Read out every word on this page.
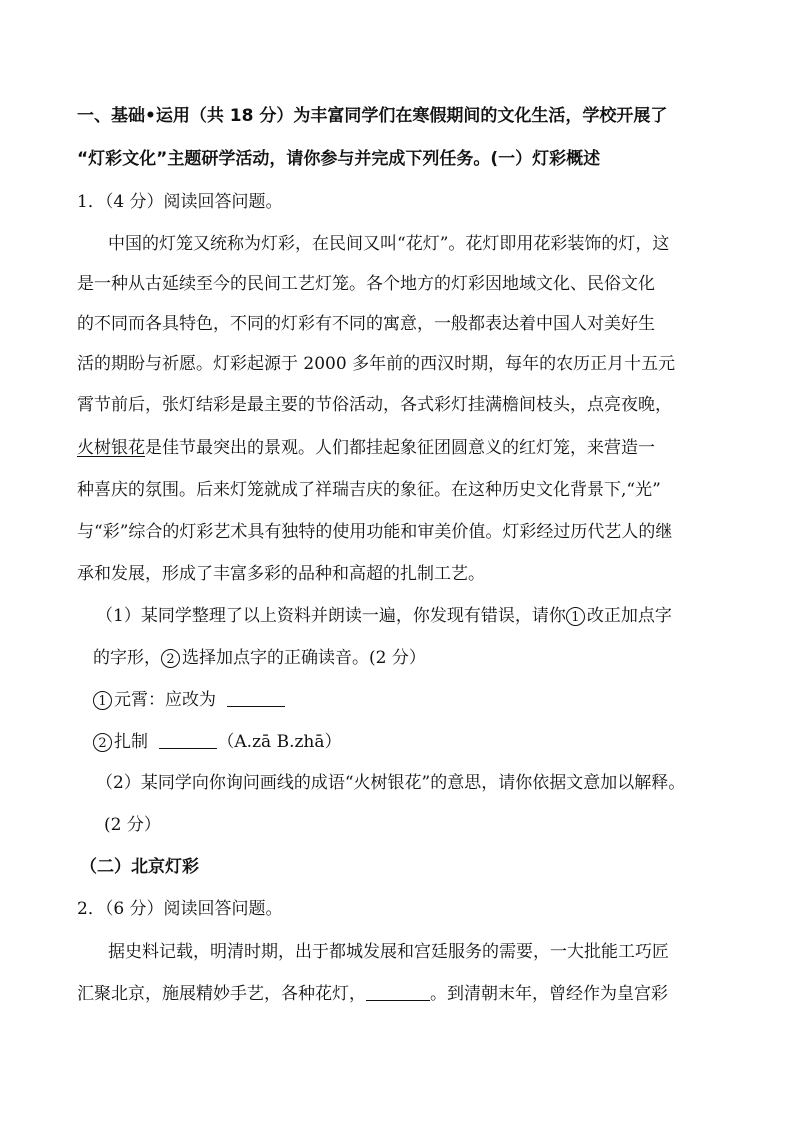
一、基础•运用（共 18 分）为丰富同学们在寒假期间的文化生活，学校开展了
“灯彩文化”主题研学活动，请你参与并完成下列任务。(一）灯彩概述
1．（4 分）阅读回答问题。
中国的灯笼又统称为灯彩，在民间又叫“花灯”。花灯即用花彩装饰的灯，这
是一种从古延续至今的民间工艺灯笼。各个地方的灯彩因地域文化、民俗文化
的不同而各具特色，不同的灯彩有不同的寓意，一般都表达着中国人对美好生
活的期盼与祈愿。灯彩起源于 2000 多年前的西汉时期，每年的农历正月十五元
霄节前后，张灯结彩是最主要的节俗活动，各式彩灯挂满檐间枝头，点亮夜晚，
火树银花是佳节最突出的景观。人们都挂起象征团圆意义的红灯笼，来营造一
种喜庆的氛围。后来灯笼就成了祥瑞吉庆的象征。在这种历史文化背景下,“光”
与“彩”综合的灯彩艺术具有独特的使用功能和审美价值。灯彩经过历代艺人的继
承和发展，形成了丰富多彩的品种和高超的扎制工艺。
（1）某同学整理了以上资料并朗读一遍，你发现有错误，请你 1 改正加点字
的字形， 2 选择加点字的正确读音。(2 分）
1 元霄：应改为
2 扎制	（A.zā B.zhā）
（2）某同学向你询问画线的成语“火树银花”的意思，请你依据文意加以解释。
(2 分）
（二）北京灯彩
2．（6 分）阅读回答问题。
据史料记载，明清时期，出于都城发展和宫廷服务的需要，一大批能工巧匠
汇聚北京，施展精妙手艺，各种花灯，	。到清朝末年，曾经作为皇宫彩
